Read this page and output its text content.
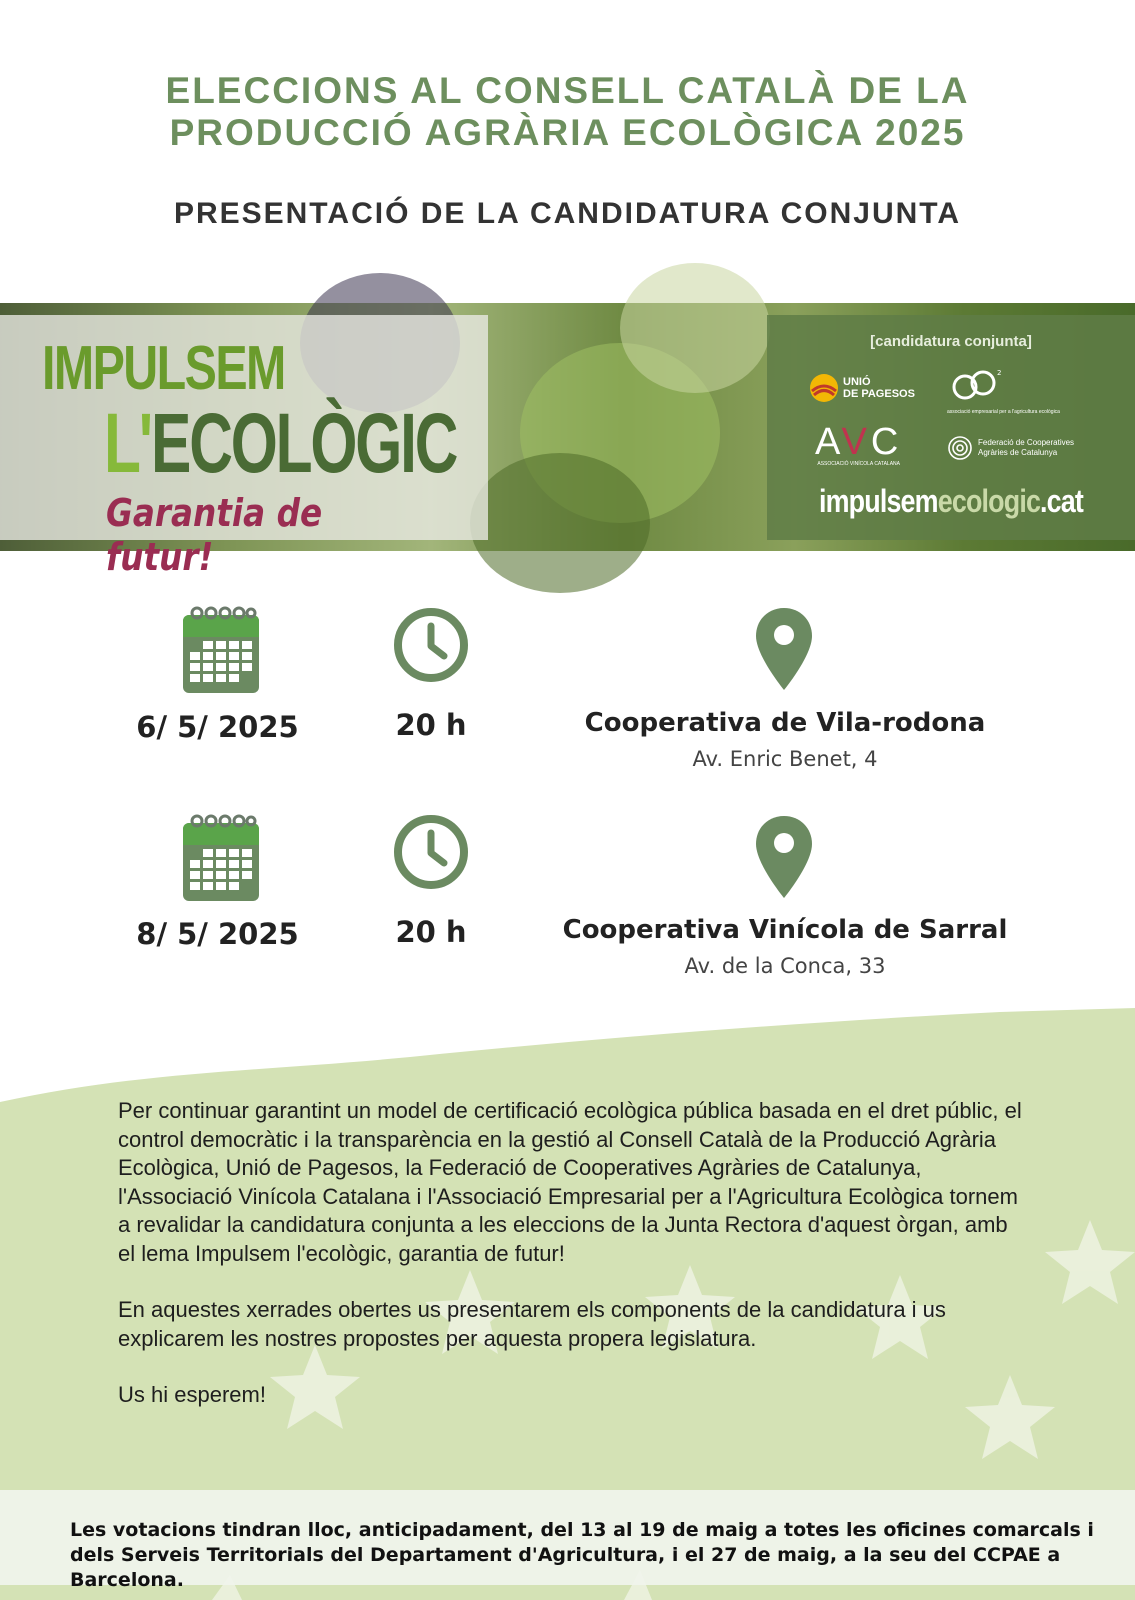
ELECCIONS AL CONSELL CATALÀ DE LA
PRODUCCIÓ AGRÀRIA ECOLÒGICA 2025
PRESENTACIÓ DE LA CANDIDATURA CONJUNTA
IMPULSEM
L'ECOLÒGIC
Garantia de futur!
[candidatura conjunta]
UNIÓ
DE PAGESOS
2
associació empresarial per a l'agricultura ecològica
AVC
ASSOCIACIÓ VINÍCOLA CATALANA
Federació de Cooperatives
Agràries de Catalunya
impulsemecologic.cat
6/ 5/ 2025	20 h	Cooperativa de Vila-rodona
Av. Enric Benet, 4
8/ 5/ 2025	20 h	Cooperativa Vinícola de Sarral
Av. de la Conca, 33

Per continuar garantint un model de certificació ecològica pública basada en el dret públic, el control democràtic i la transparència en la gestió al Consell Català de la Producció Agrària Ecològica, Unió de Pagesos, la Federació de Cooperatives Agràries de Catalunya, l'Associació Vinícola Catalana i l'Associació Empresarial per a l'Agricultura Ecològica tornem a revalidar la candidatura conjunta a les eleccions de la Junta Rectora d'aquest òrgan, amb el lema Impulsem l'ecològic, garantia de futur!

En aquestes xerrades obertes us presentarem els components de la candidatura i us explicarem les nostres propostes per aquesta propera legislatura.

Us hi esperem!

Les votacions tindran lloc, anticipadament, del 13 al 19 de maig a totes les oficines comarcals i dels Serveis Territorials del Departament d'Agricultura, i el 27 de maig, a la seu del CCPAE a Barcelona.
